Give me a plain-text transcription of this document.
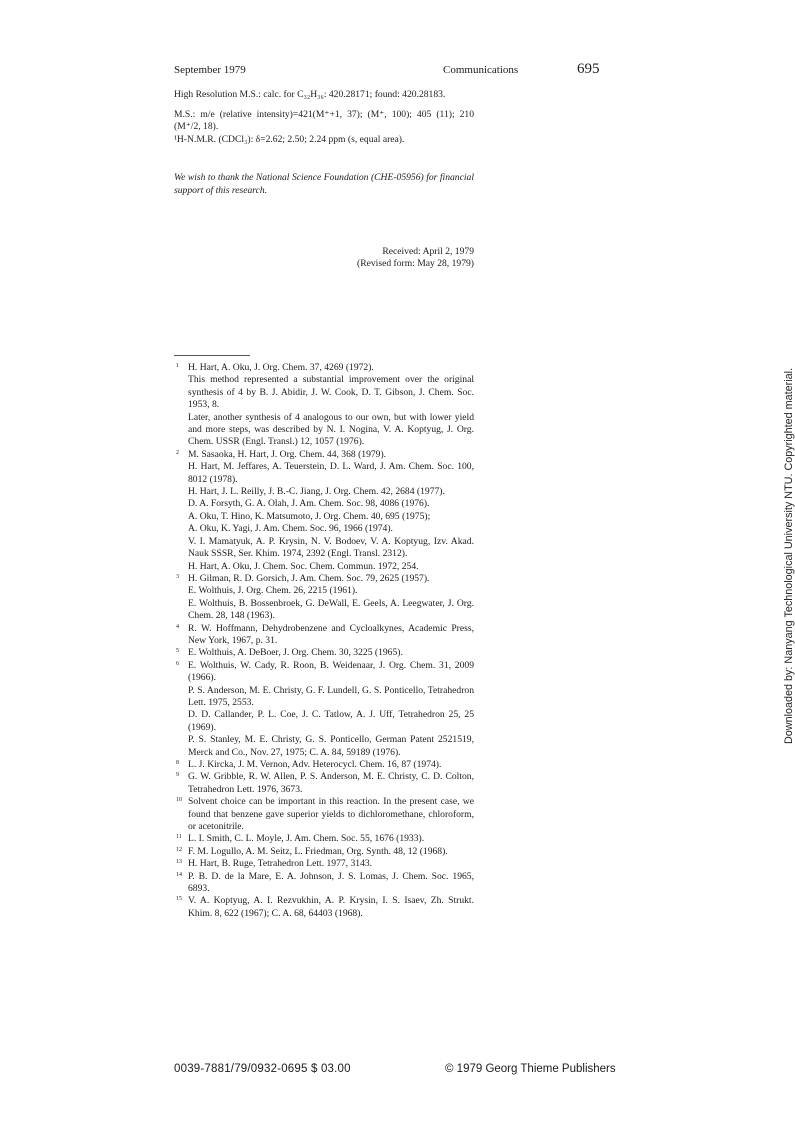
September 1979	Communications	695

High Resolution M.S.: calc. for C₃₂H₃₆: 420.28171; found: 420.28183.

M.S.: m/e (relative intensity)=421(M⁺+1, 37); (M⁺, 100); 405 (11); 210 (M⁺/2, 18).

¹H-N.M.R. (CDCl₃): δ=2.62; 2.50; 2.24 ppm (s, equal area).

We wish to thank the National Science Foundation (CHE-05956) for financial support of this research.

Received: April 2, 1979

(Revised form: May 28, 1979)

1 H. Hart, A. Oku, J. Org. Chem. 37, 4269 (1972).
This method represented a substantial improvement over the original synthesis of 4 by B. J. Abidir, J. W. Cook, D. T. Gibson, J. Chem. Soc. 1953, 8.
Later, another synthesis of 4 analogous to our own, but with lower yield and more steps, was described by N. I. Nogina, V. A. Koptyug, J. Org. Chem. USSR (Engl. Transl.) 12, 1057 (1976).
2 M. Sasaoka, H. Hart, J. Org. Chem. 44, 368 (1979).
H. Hart, M. Jeffares, A. Teuerstein, D. L. Ward, J. Am. Chem. Soc. 100, 8012 (1978).
H. Hart, J. L. Reilly, J. B.-C. Jiang, J. Org. Chem. 42, 2684 (1977).
D. A. Forsyth, G. A. Olah, J. Am. Chem. Soc. 98, 4086 (1976).
A. Oku, T. Hino, K. Matsumoto, J. Org. Chem. 40, 695 (1975);
A. Oku, K. Yagi, J. Am. Chem. Soc. 96, 1966 (1974).
V. I. Mamatyuk, A. P. Krysin, N. V. Bodoev, V. A. Koptyug, Izv. Akad. Nauk SSSR, Ser. Khim. 1974, 2392 (Engl. Transl. 2312).
H. Hart, A. Oku, J. Chem. Soc. Chem. Commun. 1972, 254.
3 H. Gilman, R. D. Gorsich, J. Am. Chem. Soc. 79, 2625 (1957).
E. Wolthuis, J. Org. Chem. 26, 2215 (1961).
E. Wolthuis, B. Bossenbroek, G. DeWall, E. Geels, A. Leegwater, J. Org. Chem. 28, 148 (1963).
4 R. W. Hoffmann, Dehydrobenzene and Cycloalkynes, Academic Press, New York, 1967, p. 31.
5 E. Wolthuis, A. DeBoer, J. Org. Chem. 30, 3225 (1965).
6 E. Wolthuis, W. Cady, R. Roon, B. Weidenaar, J. Org. Chem. 31, 2009 (1966).
P. S. Anderson, M. E. Christy, G. F. Lundell, G. S. Ponticello, Tetrahedron Lett. 1975, 2553.
D. D. Callander, P. L. Coe, J. C. Tatlow, A. J. Uff, Tetrahedron 25, 25 (1969).
P. S. Stanley, M. E. Christy, G. S. Ponticello, German Patent 2521519, Merck and Co., Nov. 27, 1975; C. A. 84, 59189 (1976).
8 L. J. Kircka, J. M. Vernon, Adv. Heterocycl. Chem. 16, 87 (1974).
9 G. W. Gribble, R. W. Allen, P. S. Anderson, M. E. Christy, C. D. Colton, Tetrahedron Lett. 1976, 3673.
10 Solvent choice can be important in this reaction. In the present case, we found that benzene gave superior yields to dichloromethane, chloroform, or acetonitrile.
11 L. I. Smith, C. L. Moyle, J. Am. Chem. Soc. 55, 1676 (1933).
12 F. M. Logullo, A. M. Seitz, L. Friedman, Org. Synth. 48, 12 (1968).
13 H. Hart, B. Ruge, Tetrahedron Lett. 1977, 3143.
14 P. B. D. de la Mare, E. A. Johnson, J. S. Lomas, J. Chem. Soc. 1965, 6893.
15 V. A. Koptyug, A. I. Rezvukhin, A. P. Krysin, I. S. Isaev, Zh. Strukt. Khim. 8, 622 (1967); C. A. 68, 64403 (1968).
0039-7881/79/0932-0695 $ 03.00	© 1979 Georg Thieme Publishers
Downloaded by: Nanyang Technological University NTU. Copyrighted material.
